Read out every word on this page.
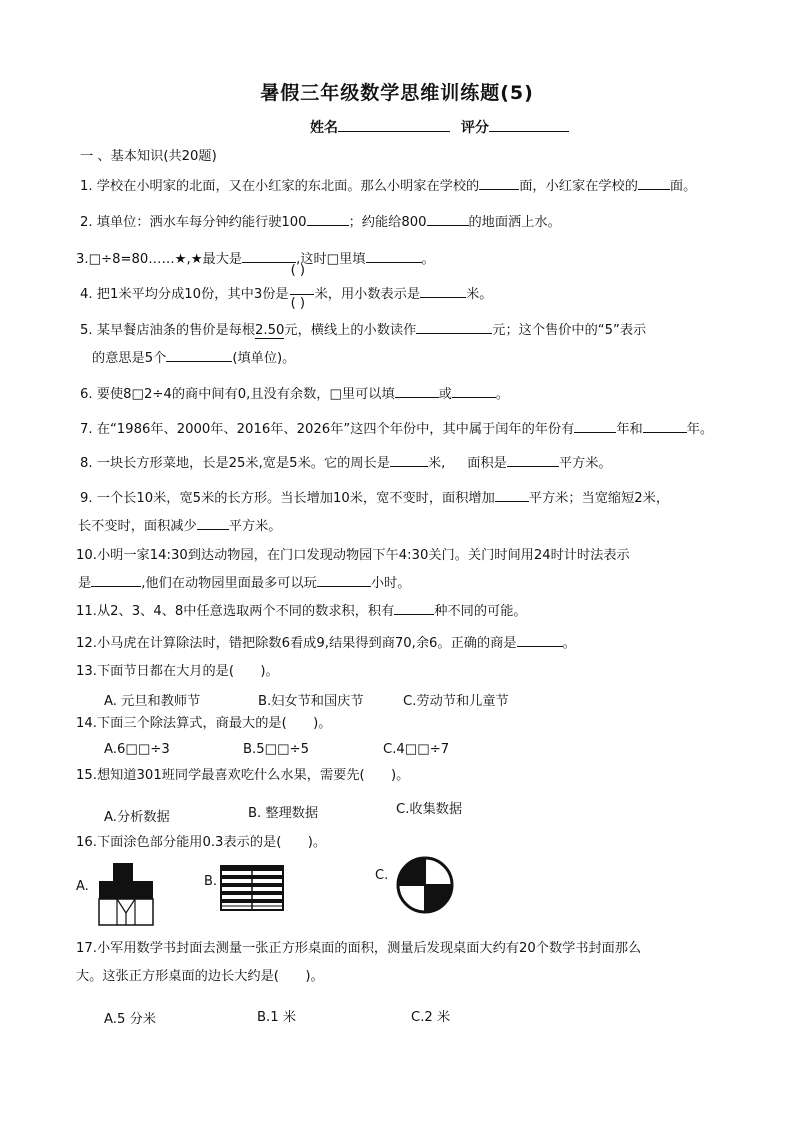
暑假三年级数学思维训练题(5)
姓名	评分
一 、基本知识(共20题)
1. 学校在小明家的北面，又在小红家的东北面。那么小明家在学校的	面，小红家在学校的 面。
2. 填单位：洒水车每分钟约能行驶100	；约能给800	的地面洒上水。
3.□÷8=80……★,★最大是	,这时□里填	。
4. 把1米平均分成10份，其中3份是 $\frac{( )}{( )}$ 米，用小数表示是	米。
5. 某早餐店油条的售价是每根2.50元，横线上的小数读作	元；这个售价中的“5”表示
的意思是5个	(填单位)。
6. 要使8□2÷4的商中间有0,且没有余数，□里可以填	或	。
7. 在“1986年、2000年、2016年、2026年”这四个年份中，其中属于闰年的年份有	年和	年。
8. 一块长方形菜地，长是25米,宽是5米。它的周长是	米, 面积是	平方米。
9. 一个长10米，宽5米的长方形。当长增加10米，宽不变时，面积增加	平方米；当宽缩短2米，
长不变时，面积减少 平方米。
10.小明一家14:30到达动物园，在门口发现动物园下午4:30关门。关门时间用24时计时法表示
是	,他们在动物园里面最多可以玩	小时。
11.从2、3、4、8中任意选取两个不同的数求积，积有	种不同的可能。
12.小马虎在计算除法时，错把除数6看成9,结果得到商70,余6。正确的商是	。
13.下面节日都在大月的是(　　)。
A. 元旦和教师节	B.妇女节和国庆节	C.劳动节和儿童节
14.下面三个除法算式，商最大的是(　　)。
A.6□□÷3	B.5□□÷5	C.4□□÷7
15.想知道301班同学最喜欢吃什么水果，需要先(　　)。
A.分析数据	B. 整理数据	C.收集数据
16.下面涂色部分能用0.3表示的是(　　)。
A.	B.	C.
17.小军用数学书封面去测量一张正方形桌面的面积，测量后发现桌面大约有20个数学书封面那么
大。这张正方形桌面的边长大约是(　　)。
A.5 分米	B.1 米	C.2 米
